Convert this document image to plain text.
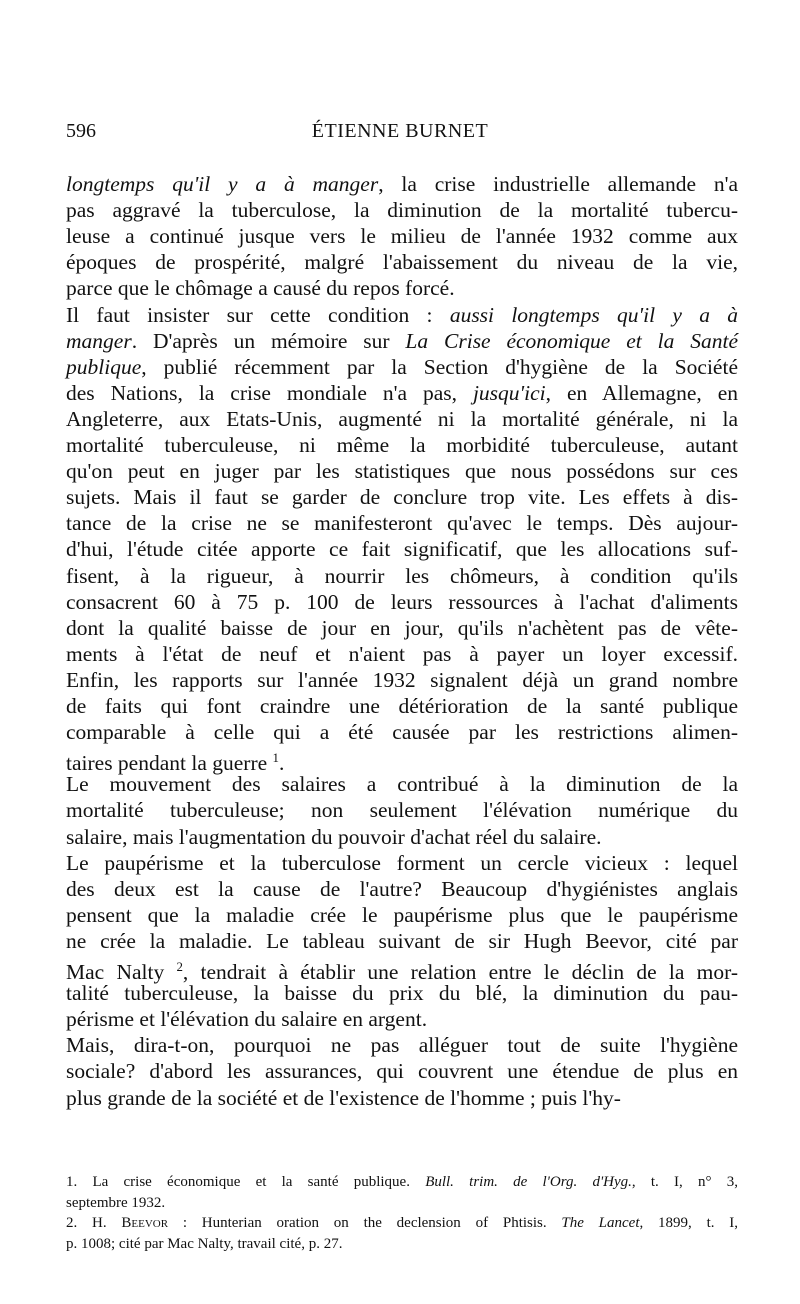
596	ÉTIENNE BURNET
longtemps qu'il y a à manger, la crise industrielle allemande n'a
pas aggravé la tuberculose, la diminution de la mortalité tubercu-
leuse a continué jusque vers le milieu de l'année 1932 comme aux
époques de prospérité, malgré l'abaissement du niveau de la vie,
parce que le chômage a causé du repos forcé.
Il faut insister sur cette condition : aussi longtemps qu'il y a à
manger. D'après un mémoire sur La Crise économique et la Santé
publique, publié récemment par la Section d'hygiène de la Société
des Nations, la crise mondiale n'a pas, jusqu'ici, en Allemagne, en
Angleterre, aux Etats-Unis, augmenté ni la mortalité générale, ni la
mortalité tuberculeuse, ni même la morbidité tuberculeuse, autant
qu'on peut en juger par les statistiques que nous possédons sur ces
sujets. Mais il faut se garder de conclure trop vite. Les effets à dis-
tance de la crise ne se manifesteront qu'avec le temps. Dès aujour-
d'hui, l'étude citée apporte ce fait significatif, que les allocations suf-
fisent, à la rigueur, à nourrir les chômeurs, à condition qu'ils
consacrent 60 à 75 p. 100 de leurs ressources à l'achat d'aliments
dont la qualité baisse de jour en jour, qu'ils n'achètent pas de vête-
ments à l'état de neuf et n'aient pas à payer un loyer excessif.
Enfin, les rapports sur l'année 1932 signalent déjà un grand nombre
de faits qui font craindre une détérioration de la santé publique
comparable à celle qui a été causée par les restrictions alimen-
taires pendant la guerre $^1$.
Le mouvement des salaires a contribué à la diminution de la
mortalité tuberculeuse; non seulement l'élévation numérique du
salaire, mais l'augmentation du pouvoir d'achat réel du salaire.
Le paupérisme et la tuberculose forment un cercle vicieux : lequel
des deux est la cause de l'autre? Beaucoup d'hygiénistes anglais
pensent que la maladie crée le paupérisme plus que le paupérisme
ne crée la maladie. Le tableau suivant de sir Hugh Beevor, cité par
Mac Nalty $^2$, tendrait à établir une relation entre le déclin de la mor-
talité tuberculeuse, la baisse du prix du blé, la diminution du pau-
périsme et l'élévation du salaire en argent.
Mais, dira-t-on, pourquoi ne pas alléguer tout de suite l'hygiène
sociale? d'abord les assurances, qui couvrent une étendue de plus en
plus grande de la société et de l'existence de l'homme ; puis l'hy-
1. La crise économique et la santé publique. Bull. trim. de l'Org. d'Hyg., t. I, n° 3,
septembre 1932.
2. H. Beevor : Hunterian oration on the declension of Phtisis. The Lancet, 1899, t. I,
p. 1008; cité par Mac Nalty, travail cité, p. 27.
